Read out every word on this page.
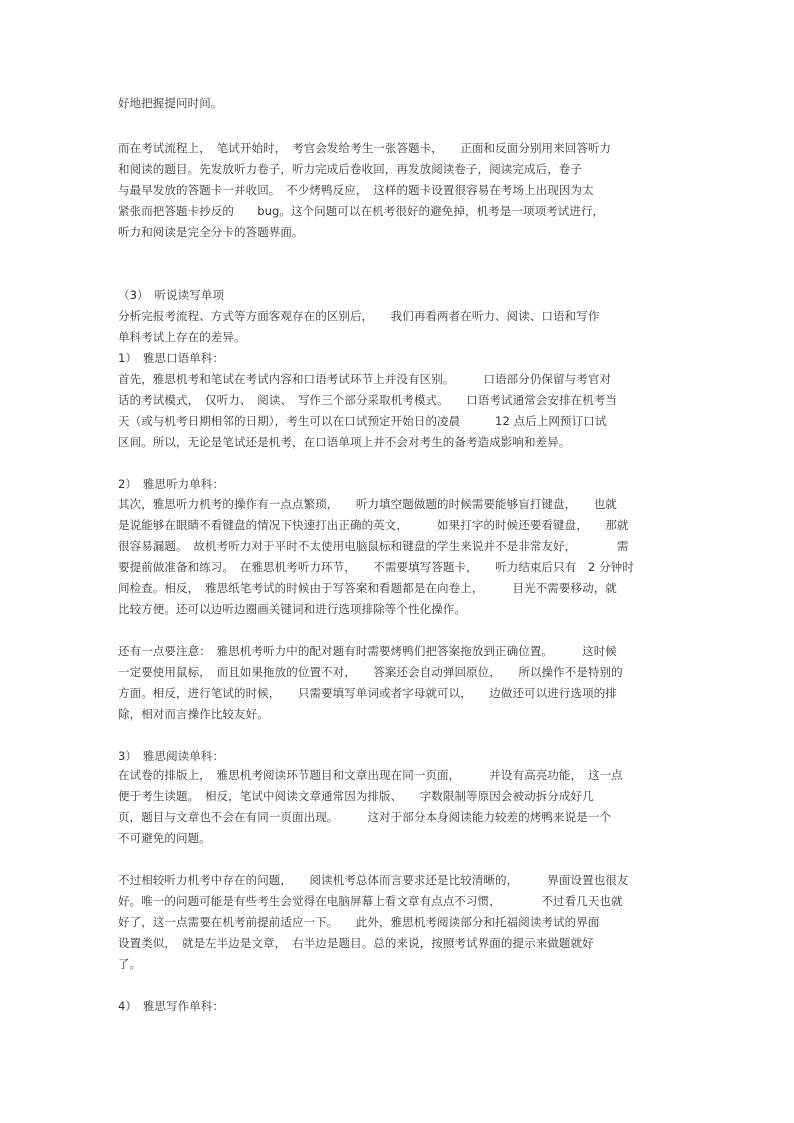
好地把握提问时间。
而在考试流程上，　笔试开始时，　考官会发给考生一张答题卡，　　正面和反面分别用来回答听力
和阅读的题目。先发放听力卷子，听力完成后卷收回，再发放阅读卷子，阅读完成后，卷子
与最早发放的答题卡一并收回。　不少烤鸭反应，　这样的题卡设置很容易在考场上出现因为太
紧张而把答题卡抄反的　　bug。这个问题可以在机考很好的避免掉，机考是一项项考试进行，
听力和阅读是完全分卡的答题界面。
（3）　听说读写单项
分析完报考流程、方式等方面客观存在的区别后，　　我们再看两者在听力、阅读、口语和写作
单科考试上存在的差异。
1）　雅思口语单科：
首先，雅思机考和笔试在考试内容和口语考试环节上并没有区别。　　　口语部分仍保留与考官对
话的考试模式，　仅听力、　阅读、　写作三个部分采取机考模式。　　口语考试通常会安排在机考当
天（或与机考日期相邻的日期），考生可以在口试预定开始日的凌晨　　　12 点后上网预订口试
区间。所以，无论是笔试还是机考，在口语单项上并不会对考生的备考造成影响和差异。
2）　雅思听力单科：
其次，雅思听力机考的操作有一点点繁琐，　　听力填空题做题的时候需要能够盲打键盘，　　也就
是说能够在眼睛不看键盘的情况下快速打出正确的英文，　　　如果打字的时候还要看键盘，　　那就
很容易漏题。　故机考听力对于平时不太使用电脑鼠标和键盘的学生来说并不是非常友好，　　　　需
要提前做准备和练习。　在雅思机考听力环节，　　不需要填写答题卡，　　听力结束后只有　2 分钟时
间检查。相反，　雅思纸笔考试的时候由于写答案和看题都是在向卷上，　　　目光不需要移动，就
比较方便。还可以边听边圈画关键词和进行选项排除等个性化操作。
还有一点要注意：　雅思机考听力中的配对题有时需要烤鸭们把答案拖放到正确位置。　　　这时候
一定要使用鼠标，　而且如果拖放的位置不对，　　答案还会自动弹回原位，　　所以操作不是特别的
方面。相反，进行笔试的时候，　　只需要填写单词或者字母就可以，　　边做还可以进行选项的排
除，相对而言操作比较友好。
3）　雅思阅读单科：
在试卷的排版上，　雅思机考阅读环节题目和文章出现在同一页面，　　　并设有高亮功能，　这一点
便于考生读题。　相反，笔试中阅读文章通常因为排版、　　字数限制等原因会被动拆分成好几
页，题目与文章也不会在有同一页面出现。　　　这对于部分本身阅读能力较差的烤鸭来说是一个
不可避免的问题。
不过相较听力机考中存在的问题，　　阅读机考总体而言要求还是比较清晰的，　　　界面设置也很友
好。唯一的问题可能是有些考生会觉得在电脑屏幕上看文章有点点不习惯，　　　　不过看几天也就
好了，这一点需要在机考前提前适应一下。　　此外，雅思机考阅读部分和托福阅读考试的界面
设置类似，　就是左半边是文章，　右半边是题目。总的来说，按照考试界面的提示来做题就好
了。
4）　雅思写作单科：
